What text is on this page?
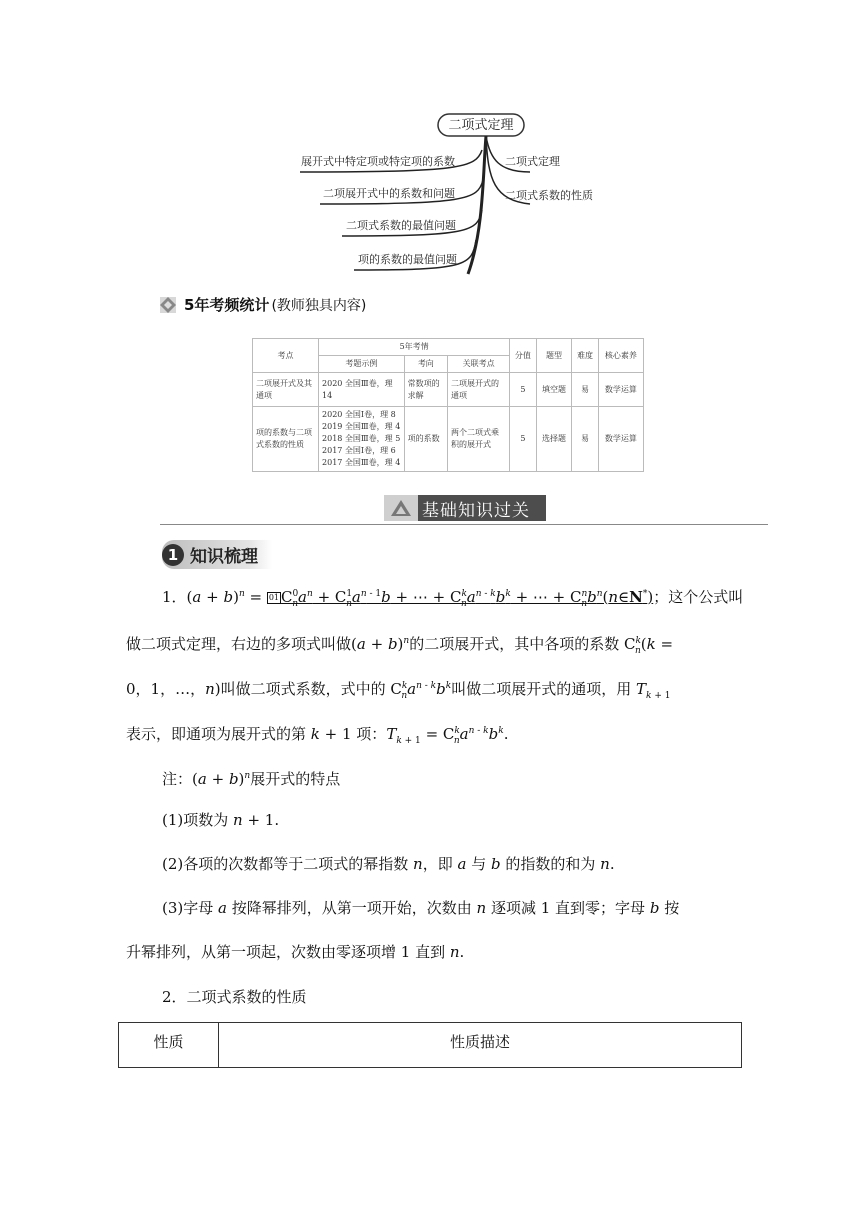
二项式定理
展开式中特定项或特定项的系数
二项展开式中的系数和问题
二项式系数的最值问题
项的系数的最值问题
二项式定理
二项式系数的性质
5年考频统计 (教师独具内容)
考点	5年考情			分值	题型	难度	核心素养
	考题示例	考向	关联考点				
二项展开式及其通项	2020 全国Ⅲ卷，理 14	常数项的求解	二项展开式的通项	5	填空题	易	数学运算
项的系数与二项式系数的性质	2020 全国Ⅰ卷，理 8
2019 全国Ⅲ卷，理 4
2018 全国Ⅲ卷，理 5
2017 全国Ⅰ卷，理 6
2017 全国Ⅲ卷，理 4	项的系数	两个二项式乘积的展开式	5	选择题	易	数学运算
基础知识过关
1 知识梳理
1．$(a + b)^n = 01$ $C^0_na^n + C^1_na^{n - 1}b$ + ⋯ + $C^k_na^{n - k}b^k$ + ⋯ + $C^n_nb^n(n\in N^*)$；这个公式叫
做二项式定理，右边的多项式叫做$(a + b)^n$的二项展开式，其中各项的系数 $C^k_n(k$ =
0，1，…，n)叫做二项式系数，式中的 $C^k_na^{n - k}b^k$叫做二项展开式的通项，用 $T_{k + 1}$
表示，即通项为展开式的第 k + 1 项：$T_{k + 1} = C^k_na^{n - k}b^k$.
注：$(a + b)^n$展开式的特点
(1)项数为 n + 1.
(2)各项的次数都等于二项式的幂指数 n，即 a 与 b 的指数的和为 n.
(3)字母 a 按降幂排列，从第一项开始，次数由 n 逐项减 1 直到零；字母 b 按
升幂排列，从第一项起，次数由零逐项增 1 直到 n.
2．二项式系数的性质
性质	性质描述
